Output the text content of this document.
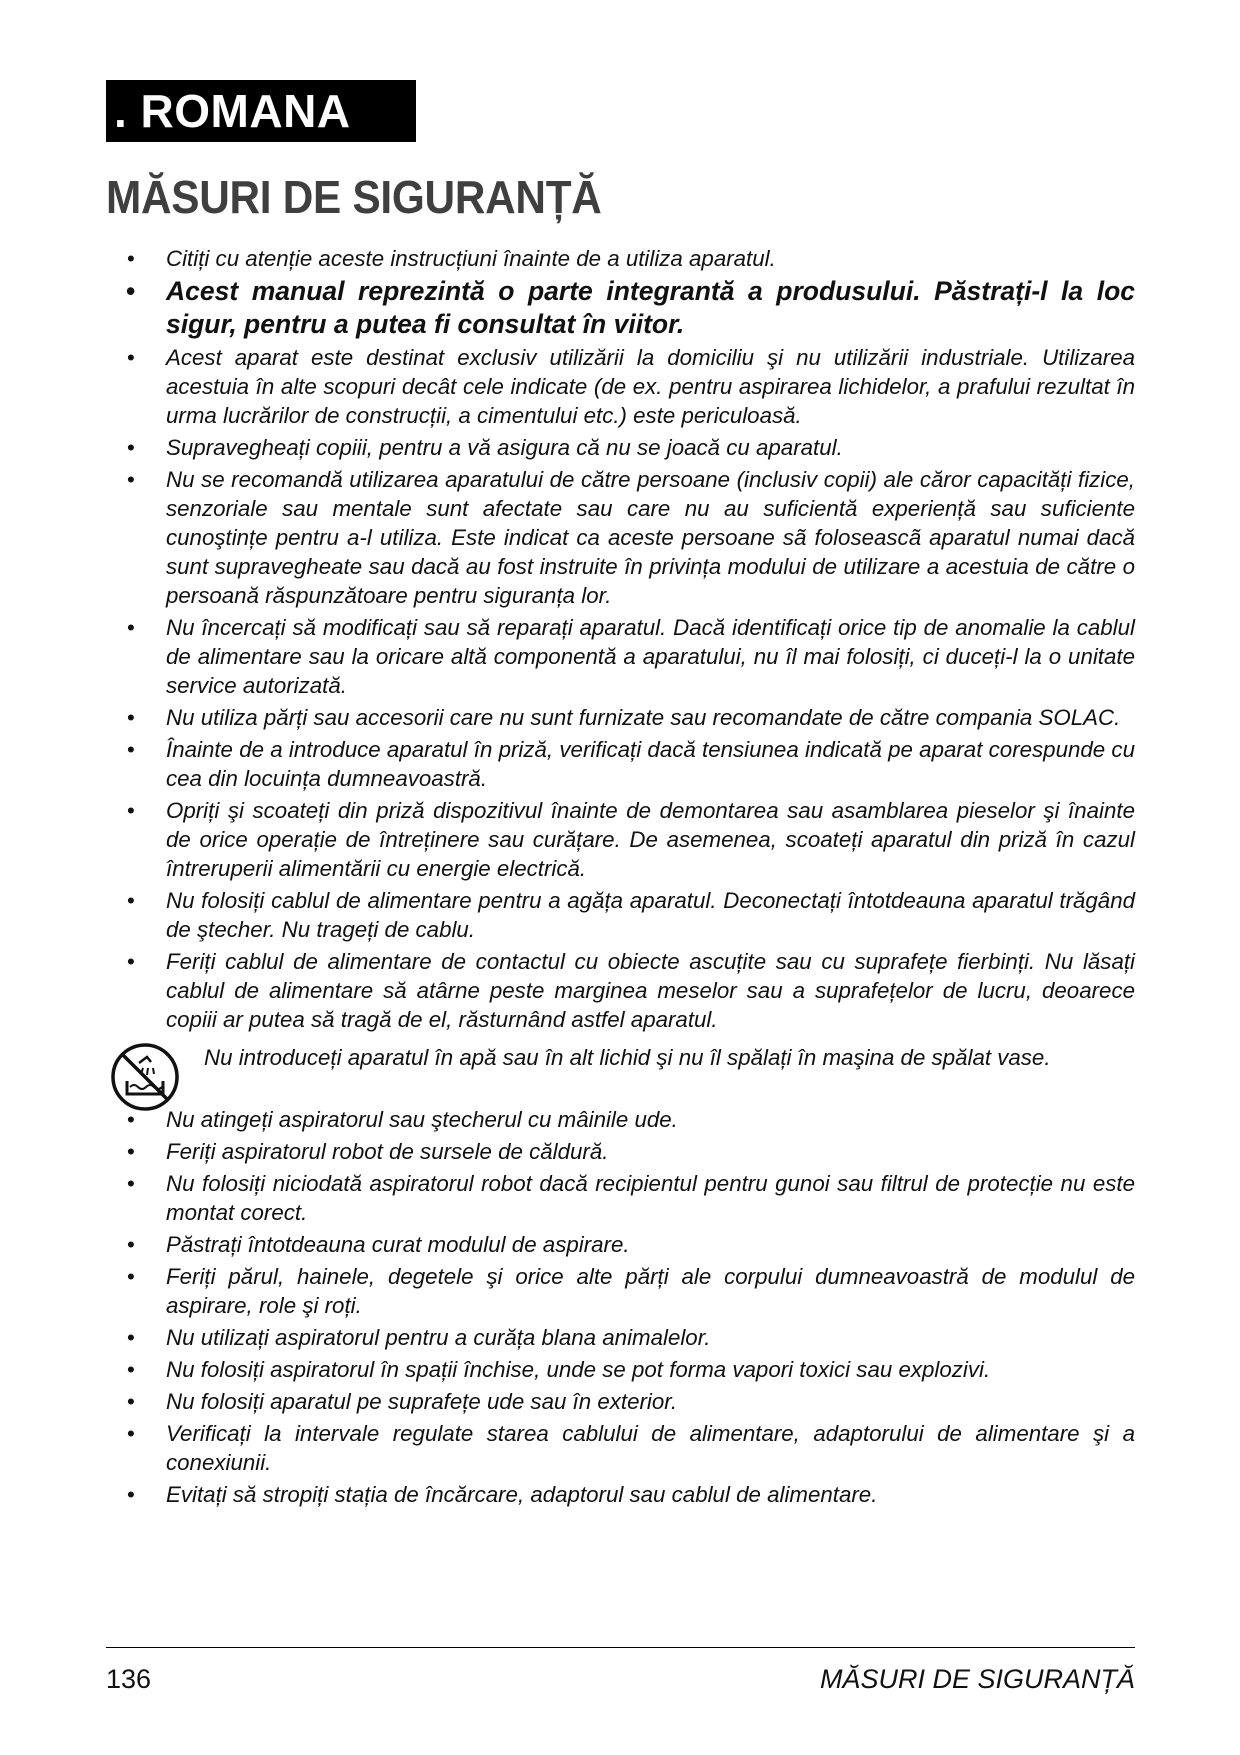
. ROMANA
MĂSURI DE SIGURANȚĂ
• Citiți cu atenție aceste instrucțiuni înainte de a utiliza aparatul.
• Acest manual reprezintă o parte integrantă a produsului. Păstrați-l la loc sigur, pentru a putea fi consultat în viitor.
• Acest aparat este destinat exclusiv utilizării la domiciliu şi nu utilizării industriale. Utilizarea acestuia în alte scopuri decât cele indicate (de ex. pentru aspirarea lichidelor, a prafului rezultat în urma lucrărilor de construcții, a cimentului etc.) este periculoasă.
• Supravegheați copiii, pentru a vă asigura că nu se joacă cu aparatul.
• Nu se recomandă utilizarea aparatului de către persoane (inclusiv copii) ale căror capacități fizice, senzoriale sau mentale sunt afectate sau care nu au suficientă experiență sau suficiente cunoştințe pentru a-l utiliza. Este indicat ca aceste persoane sã foloseascã aparatul numai dacă sunt supravegheate sau dacă au fost instruite în privința modului de utilizare a acestuia de către o persoană răspunzătoare pentru siguranța lor.
• Nu încercați să modificați sau să reparați aparatul. Dacă identificați orice tip de anomalie la cablul de alimentare sau la oricare altă componentă a aparatului, nu îl mai folosiți, ci duceți-l la o unitate service autorizată.
• Nu utiliza părți sau accesorii care nu sunt furnizate sau recomandate de către compania SOLAC.
• Înainte de a introduce aparatul în priză, verificați dacă tensiunea indicată pe aparat corespunde cu cea din locuința dumneavoastră.
• Opriți şi scoateți din priză dispozitivul înainte de demontarea sau asamblarea pieselor şi înainte de orice operație de întreținere sau curățare. De asemenea, scoateți aparatul din priză în cazul întreruperii alimentării cu energie electrică.
• Nu folosiți cablul de alimentare pentru a agăța aparatul. Deconectați întotdeauna aparatul trăgând de ştecher. Nu trageți de cablu.
• Feriți cablul de alimentare de contactul cu obiecte ascuțite sau cu suprafețe fierbinți. Nu lăsați cablul de alimentare să atârne peste marginea meselor sau a suprafețelor de lucru, deoarece copiii ar putea să tragă de el, răsturnând astfel aparatul.
Nu introduceți aparatul în apă sau în alt lichid şi nu îl spălați în maşina de spălat vase.
• Nu atingeți aspiratorul sau ştecherul cu mâinile ude.
• Feriți aspiratorul robot de sursele de căldură.
• Nu folosiți niciodată aspiratorul robot dacă recipientul pentru gunoi sau filtrul de protecție nu este montat corect.
• Păstrați întotdeauna curat modulul de aspirare.
• Feriți părul, hainele, degetele şi orice alte părți ale corpului dumneavoastră de modulul de aspirare, role şi roți.
• Nu utilizați aspiratorul pentru a curăța blana animalelor.
• Nu folosiți aspiratorul în spații închise, unde se pot forma vapori toxici sau explozivi.
• Nu folosiți aparatul pe suprafețe ude sau în exterior.
• Verificați la intervale regulate starea cablului de alimentare, adaptorului de alimentare şi a conexiunii.
• Evitați să stropiți stația de încărcare, adaptorul sau cablul de alimentare.
136	MĂSURI DE SIGURANȚĂ
